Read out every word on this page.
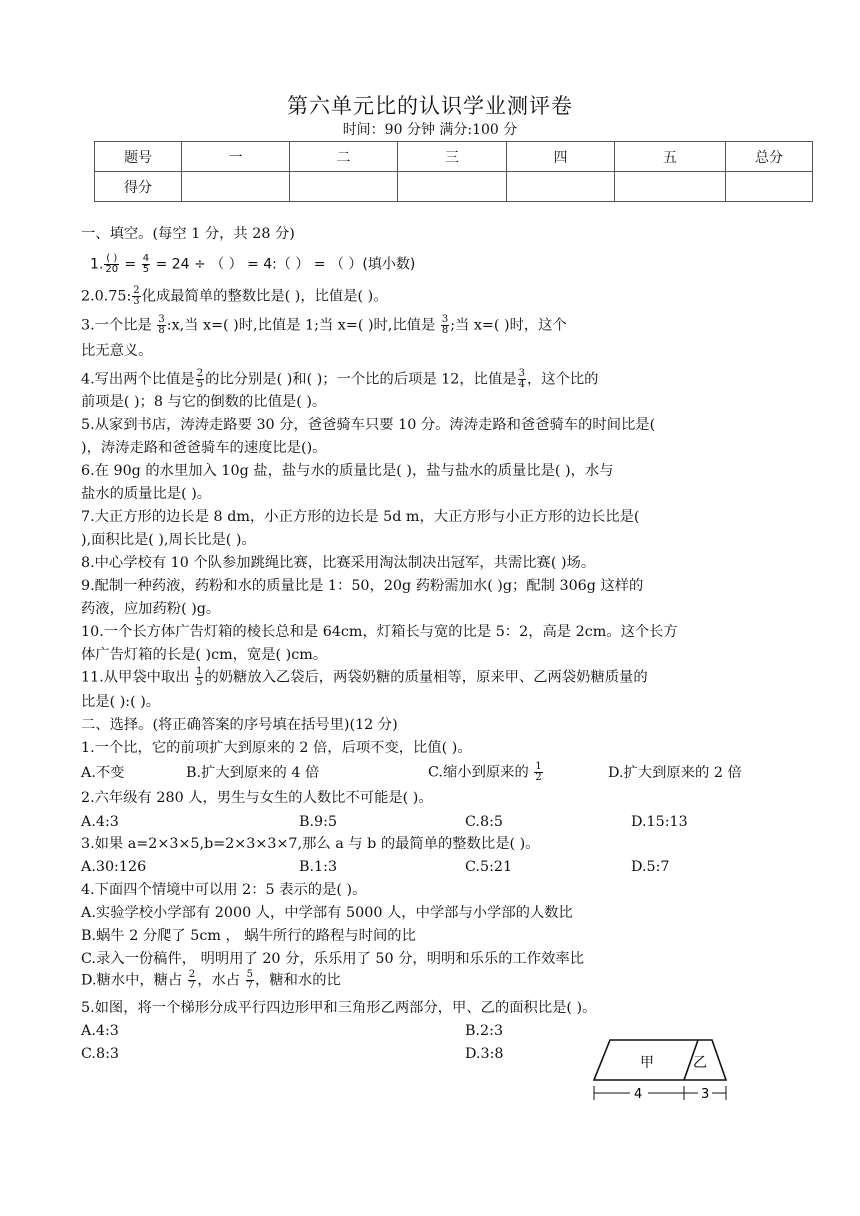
第六单元比的认识学业测评卷
时间：90 分钟 满分:100 分
题号	一	二	三	四	五	总分
得分						
一、填空。(每空 1 分，共 28 分)
1. $\frac{( )}{20} = \frac{4}{5} = 24$ ÷ （ ） = 4:（ ） = （ ）(填小数)
2.0.75: $\frac{2}{3}$ 化成最简单的整数比是( )，比值是( )。
3.一个比是 $\frac{3}{8}$ :x,当 x=( )时,比值是 1;当 x=( )时,比值是 $\frac{3}{8}$ ;当 x=( )时，这个
比无意义。
4.写出两个比值是 $\frac{2}{5}$ 的比分别是( )和( )；一个比的后项是 12，比值是 $\frac{3}{4}$ ，这个比的
前项是( )；8 与它的倒数的比值是( )。
5.从家到书店，涛涛走路要 30 分，爸爸骑车只要 10 分。涛涛走路和爸爸骑车的时间比是(
)，涛涛走路和爸爸骑车的速度比是()。
6.在 90g 的水里加入 10g 盐，盐与水的质量比是( )，盐与盐水的质量比是( )，水与
盐水的质量比是( )。
7.大正方形的边长是 8 dm，小正方形的边长是 5d m，大正方形与小正方形的边长比是(
),面积比是( ),周长比是( )。
8.中心学校有 10 个队参加跳绳比赛，比赛采用淘汰制决出冠军，共需比赛( )场。
9.配制一种药液，药粉和水的质量比是 1：50，20g 药粉需加水( )g；配制 306g 这样的
药液，应加药粉( )g。
10.一个长方体广告灯箱的棱长总和是 64cm，灯箱长与宽的比是 5：2，高是 2cm。这个长方
体广告灯箱的长是( )cm，宽是( )cm。
11.从甲袋中取出 $\frac{1}{5}$ 的奶糖放入乙袋后，两袋奶糖的质量相等，原来甲、乙两袋奶糖质量的
比是( ):( )。
二、选择。(将正确答案的序号填在括号里)(12 分)
1.一个比，它的前项扩大到原来的 2 倍，后项不变，比值( )。
A.不变	B.扩大到原来的 4 倍	C.缩小到原来的 $\frac{1}{2}$	D.扩大到原来的 2 倍
2.六年级有 280 人，男生与女生的人数比不可能是( )。
A.4:3	B.9:5	C.8:5	D.15:13
3.如果 a=2×3×5,b=2×3×3×7,那么 a 与 b 的最简单的整数比是( )。
A.30:126	B.1:3	C.5:21	D.5:7
4.下面四个情境中可以用 2：5 表示的是( )。
A.实验学校小学部有 2000 人，中学部有 5000 人，中学部与小学部的人数比
B.蜗牛 2 分爬了 5cm ， 蜗牛所行的路程与时间的比
C.录入一份稿件， 明明用了 20 分，乐乐用了 50 分，明明和乐乐的工作效率比
D.糖水中，糖占 $\frac{2}{7}$ ，水占 $\frac{5}{7}$ ，糖和水的比
5.如图，将一个梯形分成平行四边形甲和三角形乙两部分，甲、乙的面积比是( )。
A.4:3	B.2:3
C.8:3	D.3:8
甲	乙
4	3
